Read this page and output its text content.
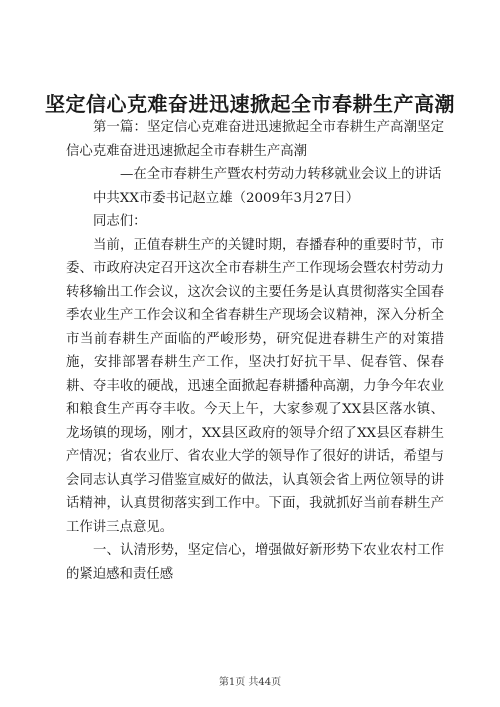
坚定信心克难奋进迅速掀起全市春耕生产高潮

第一篇：坚定信心克难奋进迅速掀起全市春耕生产高潮坚定信心克难奋进迅速掀起全市春耕生产高潮

—在全市春耕生产暨农村劳动力转移就业会议上的讲话

中共XX市委书记赵立雄（2009年3月27日）

同志们：

当前，正值春耕生产的关键时期，春播春种的重要时节，市委、市政府决定召开这次全市春耕生产工作现场会暨农村劳动力转移输出工作会议，这次会议的主要任务是认真贯彻落实全国春季农业生产工作会议和全省春耕生产现场会议精神，深入分析全市当前春耕生产面临的严峻形势，研究促进春耕生产的对策措施，安排部署春耕生产工作，坚决打好抗干旱、促春管、保春耕、夺丰收的硬战，迅速全面掀起春耕播种高潮，力争今年农业和粮食生产再夺丰收。今天上午，大家参观了XX县区落水镇、龙场镇的现场，刚才，XX县区政府的领导介绍了XX县区春耕生产情况；省农业厅、省农业大学的领导作了很好的讲话，希望与会同志认真学习借鉴宣威好的做法，认真领会省上两位领导的讲话精神，认真贯彻落实到工作中。下面，我就抓好当前春耕生产工作讲三点意见。

一、认清形势，坚定信心，增强做好新形势下农业农村工作的紧迫感和责任感

第1页 共44页
